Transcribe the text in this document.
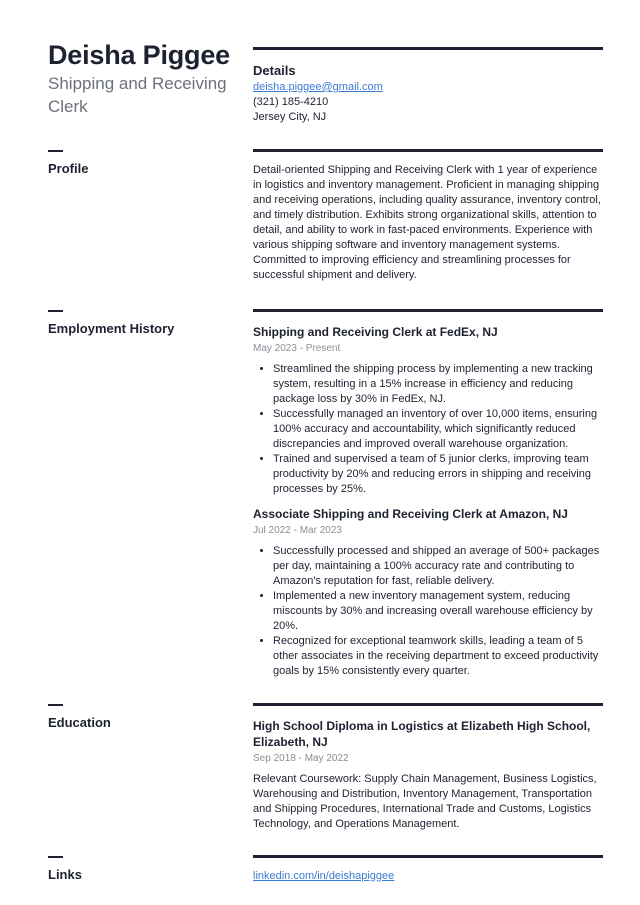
Deisha Piggee
Shipping and Receiving Clerk
Details
deisha.piggee@gmail.com
(321) 185-4210
Jersey City, NJ
Profile	Detail-oriented Shipping and Receiving Clerk with 1 year of experience in logistics and inventory management. Proficient in managing shipping and receiving operations, including quality assurance, inventory control, and timely distribution. Exhibits strong organizational skills, attention to detail, and ability to work in fast-paced environments. Experience with various shipping software and inventory management systems. Committed to improving efficiency and streamlining processes for successful shipment and delivery.
Employment History	Shipping and Receiving Clerk at FedEx, NJ
May 2023 - Present
• Streamlined the shipping process by implementing a new tracking system, resulting in a 15% increase in efficiency and reducing package loss by 30% in FedEx, NJ.
• Successfully managed an inventory of over 10,000 items, ensuring 100% accuracy and accountability, which significantly reduced discrepancies and improved overall warehouse organization.
• Trained and supervised a team of 5 junior clerks, improving team productivity by 20% and reducing errors in shipping and receiving processes by 25%.
Associate Shipping and Receiving Clerk at Amazon, NJ
Jul 2022 - Mar 2023
• Successfully processed and shipped an average of 500+ packages per day, maintaining a 100% accuracy rate and contributing to Amazon's reputation for fast, reliable delivery.
• Implemented a new inventory management system, reducing miscounts by 30% and increasing overall warehouse efficiency by 20%.
• Recognized for exceptional teamwork skills, leading a team of 5 other associates in the receiving department to exceed productivity goals by 15% consistently every quarter.
Education	High School Diploma in Logistics at Elizabeth High School, Elizabeth, NJ
Sep 2018 - May 2022
Relevant Coursework: Supply Chain Management, Business Logistics, Warehousing and Distribution, Inventory Management, Transportation and Shipping Procedures, International Trade and Customs, Logistics Technology, and Operations Management.
Links	linkedin.com/in/deishapiggee
